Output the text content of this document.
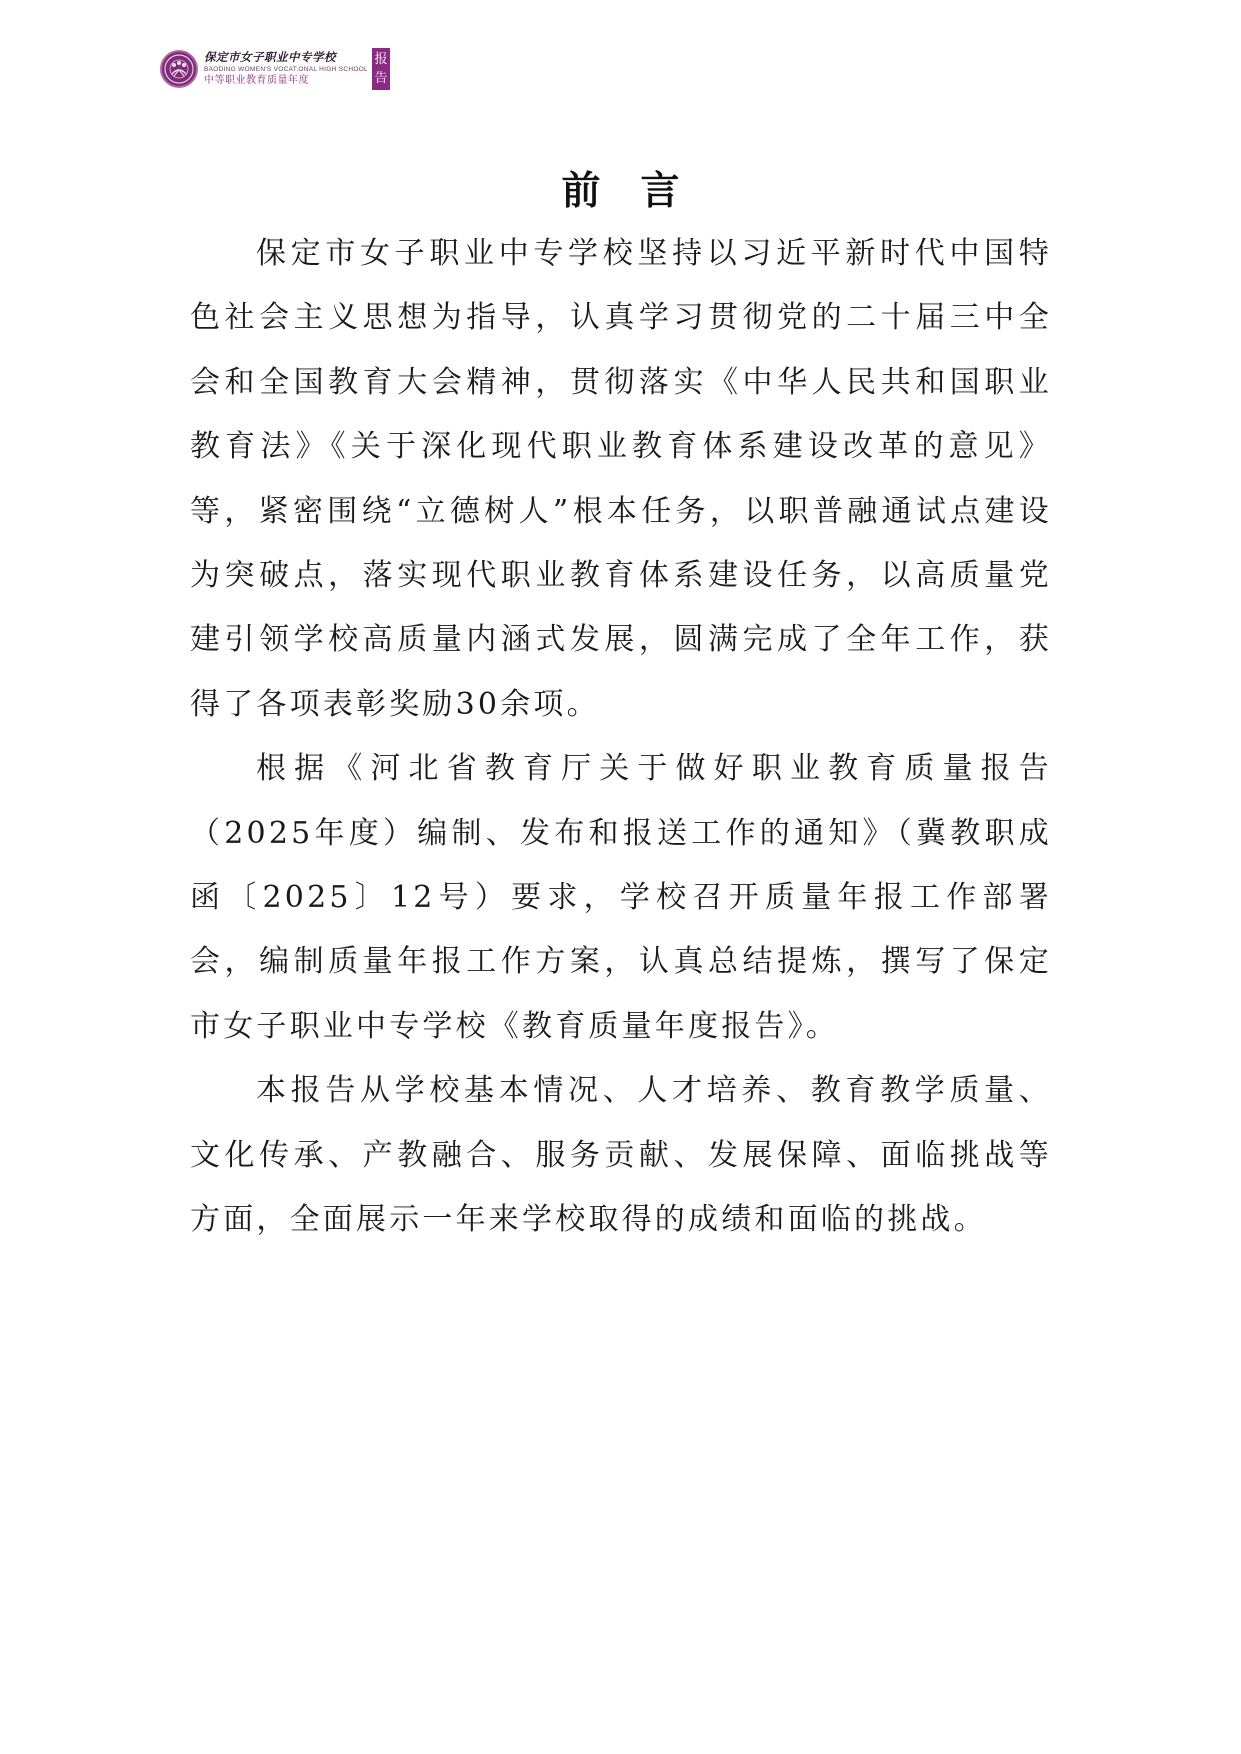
保定市女子职业中专学校
BAODING WOMEN'S VOCAT.ONAL HIGH SCHOOL
中等职业教育质量年度
报
告
前言

保定市女子职业中专学校坚持以习近平新时代中国特色社会主义思想为指导，认真学习贯彻党的二十届三中全会和全国教育大会精神，贯彻落实《中华人民共和国职业教育法》《关于深化现代职业教育体系建设改革的意见》等，紧密围绕“立德树人”根本任务，以职普融通试点建设为突破点，落实现代职业教育体系建设任务，以高质量党建引领学校高质量内涵式发展，圆满完成了全年工作，获得了各项表彰奖励30余项。

根据《河北省教育厅关于做好职业教育质量报告（2025年度）编制、发布和报送工作的通知》（冀教职成函〔2025〕12号）要求，学校召开质量年报工作部署会，编制质量年报工作方案，认真总结提炼，撰写了保定市女子职业中专学校《教育质量年度报告》。

本报告从学校基本情况、人才培养、教育教学质量、文化传承、产教融合、服务贡献、发展保障、面临挑战等方面，全面展示一年来学校取得的成绩和面临的挑战。
